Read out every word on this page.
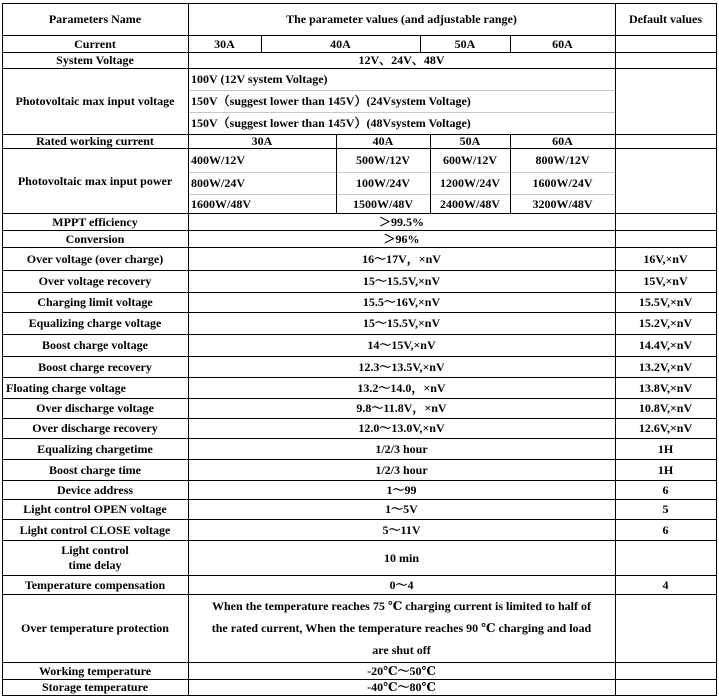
Parameters Name	The parameter values (and adjustable range)	Default values
Current	30A	40A	50A	60A
System Voltage	12V、24V、48V
Photovoltaic max input voltage
100V (12V system Voltage)
150V（suggest lower than 145V）(24Vsystem Voltage)
150V（suggest lower than 145V）(48Vsystem Voltage)
Rated working current	30A	40A	50A	60A
Photovoltaic max input power
400W/12V	500W/12V	600W/12V	800W/12V
800W/24V	100W/24V	1200W/24V	1600W/24V
1600W/48V	1500W/48V	2400W/48V	3200W/48V
MPPT efficiency	＞99.5%
Conversion	＞96%
Over voltage (over charge)	16～17V，×nV	16V,×nV
Over voltage recovery	15～15.5V,×nV	15V,×nV
Charging limit voltage	15.5～16V,×nV	15.5V,×nV
Equalizing charge voltage	15～15.5V,×nV	15.2V,×nV
Boost charge voltage	14～15V,×nV	14.4V,×nV
Boost charge recovery	12.3～13.5V,×nV	13.2V,×nV
Floating charge voltage	13.2～14.0，×nV	13.8V,×nV
Over discharge voltage	9.8～11.8V，×nV	10.8V,×nV
Over discharge recovery	12.0～13.0V,×nV	12.6V,×nV
Equalizing chargetime	1/2/3 hour	1H
Boost charge time	1/2/3 hour	1H
Device address	1～99	6
Light control OPEN voltage	1～5V	5
Light control CLOSE voltage	5～11V	6
Light control
time delay	10 min
Temperature compensation	0～4	4
Over temperature protection
When the temperature reaches 75 ℃ charging current is limited to half of
the rated current, When the temperature reaches 90 ℃ charging and load
are shut off
Working temperature	-20℃～50℃
Storage temperature	-40℃～80℃
